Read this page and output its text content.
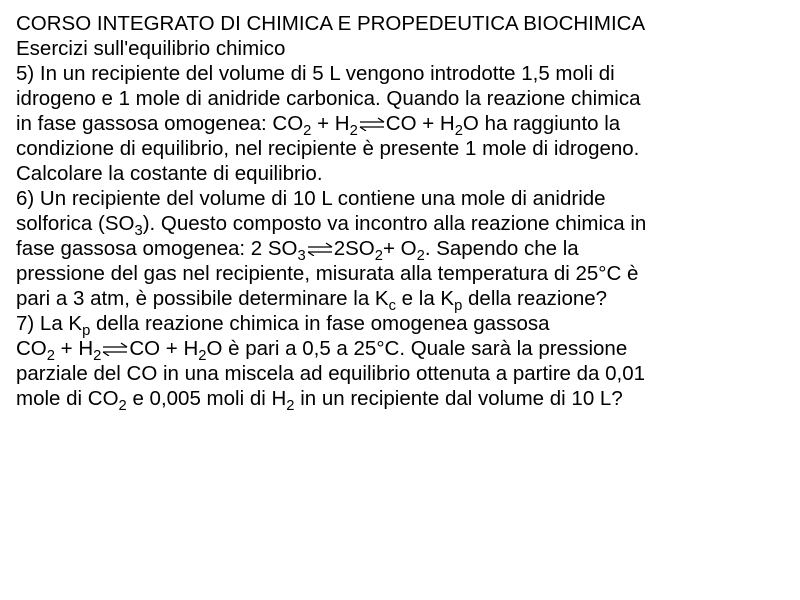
CORSO INTEGRATO DI CHIMICA E PROPEDEUTICA BIOCHIMICA
Esercizi sull'equilibrio chimico
5) In un recipiente del volume di 5 L vengono introdotte 1,5 moli di
idrogeno e 1 mole di anidride carbonica. Quando la reazione chimica
in fase gassosa omogenea: $CO_2$ + $H_2\rightleftharpoons CO + H_2O$ ha raggiunto la
condizione di equilibrio, nel recipiente è presente 1 mole di idrogeno.
Calcolare la costante di equilibrio.
6) Un recipiente del volume di 10 L contiene una mole di anidride
solforica $(SO_3)$. Questo composto va incontro alla reazione chimica in
fase gassosa omogenea: 2 $SO_3\rightleftharpoons 2SO_2+ O_2$. Sapendo che la
pressione del gas nel recipiente, misurata alla temperatura di 25°C è
pari a 3 atm, è possibile determinare la $K_c$ e la $K_p$ della reazione?
7) La $K_p$ della reazione chimica in fase omogenea gassosa
$CO_2$ + $H_2\rightleftharpoons CO + H_2O$ è pari a 0,5 a 25°C. Quale sarà la pressione
parziale del CO in una miscela ad equilibrio ottenuta a partire da 0,01
mole di $CO_2$ e 0,005 moli di $H_2$ in un recipiente dal volume di 10 L?
